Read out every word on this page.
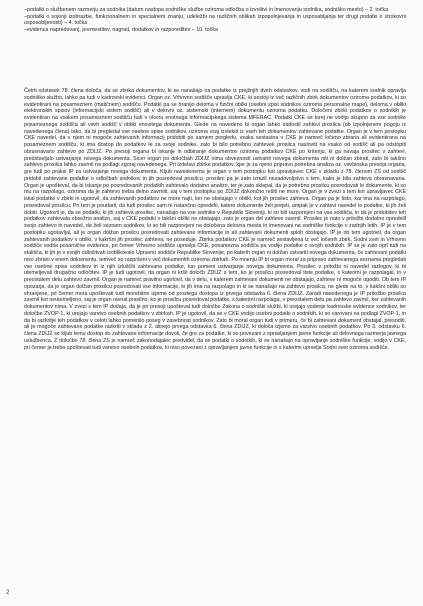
–podatki o službenem razmerju za sodnika (datum nastopa sodniške službe oziroma odločba o izvolitvi in imenovanju sodnika, sodniško mesto) – 2. točka

–podatki o sojenji izobrazbe, funkcionalnem in specialnem znanju, udeležbi na različnih oblikah izpopolnjevanja in usposabljanja ter drugi podatki o strokovni usposobljenosti) – 4. točka

–evidenca napredovanj, premestitev, nagrad, dodatkov in razporeditev – 10. točka

Četrti odstavek 78. člena določa, da se zbirka dokumentov, ki se nanašajo na podatke iz prejšnjih dveh odstavkov, vodi na sodišču, na katerem sodnik opravlja sodniško službo, lahko pa tudi v kadrovski evidenci. Organ oz. Vrhovno sodišče upravlja CKE, ki sestoji iz več različnih zbirk dokumentov oziroma podatkov, ki so evidentirani na posameznem (matičnem) sodišču. Podatki pa se hranijo deloma v fizični obliki (osebni spisi sodnikov oziroma personalne mape), deloma v obliki elektronskih spisov (informacijski sistem sodišč) ali v delovni oz. sistemski (internem) dokumentu oziroma podatku. Določeni zbirki podatkov o sodnikih je evidentiran na vsakem posameznem sodišču tudi v okviru enotnega informacijskega sistema MFERAC. Podatki CKE se torej ne vodijo skupno za vse sodnike posameznega sodišča ali vseh sodišč v obliki enovitega dokumenta. Glede na navedeno bi organ lahko zadostil zahtevi prosilca (ob izpolnjenem pogoju iz navedenega člena) tako, da bi pregledal vse osebne spise sodnikov, oziroma vsaj izvlekel iz vseh teh dokumentov zahtevane podatke. Organ je v tem postopku CKE navedel, da v njem ni mogoče zahtevanih informacij pridobiti po samem pregledu, vsaka sestavina v CKE je namreč ločeno zbrana ali evidentirana na posameznem sodišču, ki ima dostop do podatkov le za svoje sodnike, zato bi bilo potrebno zahtevek prosilca nasloviti na vsako od sodišč ali pa odstopiti obravnavano zahtevo po ZDIJZ. Po presoji organa bi iskanje in odbiranje dokumentov oziroma podatkov CKE po kriteriju, ki ga navaja prosilec v zahtevi, predstavljalo ustvarjanje novega dokumenta. Sicer organ po določbah ZDIJZ nima obveznosti ustvariti novega dokumenta niti ni dolžan zbirati, zato bi takšno zahtevo prosilca lahko zavrnil na podlagi zgoraj navedenega. Pri izdelavi zbirke podatkov, kjer je za njeno pripravo potrebna analiza oz. vsebinska presoja organa, gre tudi po praksi IP za ustvarjanje novega dokumenta. Kljub navedenemu je organ v tem postopku kot upravljavec CKE v skladu z 78. členom ZS od sodišč pridobil zahtevane podatke o odločbah sodnikov in jih posredoval prosilcu, prosilec pa je zato izrazil nezadovoljstvo s tem, kako je bila zahteva obravnavana. Organ je upošteval, da bi iskanje po posredovanih podatkih zahtevalo dodatno analizo, ter je zato sklepal, da je potrebno prosilcu posredovati le dokumente, ki so mu na razpolago, oziroma da je zahtevo treba delno zavrniti, saj v tem postopku po ZDIJZ dokončno rešiti ne more. Organ je v zvezi s tem kot upravljavec CKE iskal podatke v zbirki in ugotovil, da zahtevanih podatkov ne more najti, ker ne obstajajo v obliki, kot jih prosilec zahteva. Organ pa je tisto, kar ima na razpolago, posredoval prosilcu. Pri tem je poudaril, da tudi prosilec sam ni natančno opredelil, katere dokumente želi prejeti, ampak je v zahtevi navedel le podatke, ki jih želi dobiti. Ugotovil je, da se podatki, ki jih zahteva prosilec, nanašajo na vse sodnike v Republiki Sloveniji, ki so bili razporejeni na vsa sodišča, in da je pridobitev teh podatkov zahtevala obsežno analizo, saj v CKE podatki v takšni obliki ne obstajajo, zato je organ del zahteve zavrnil. Prosilec je nato v pritožbi dodatno opredelil svojo zahtevo in navedel, da želi seznam sodnikov, ki so bili razporejeni na določena delovna mesta in imenovani na sodniške funkcije v zadnjih letih. IP je v tem postopku ugotavljal, ali je organ dolžan prosilcu posredovati zahtevane informacije in ali zahtevani dokumenti sploh obstajajo. IP je ob tem ugotovil, da organ zahtevanih podatkov v obliki, v kakršni jih prosilec zahteva, ne poseduje. Zbirka podatkov CKE je namreč sestavljena iz več ločenih zbirk. Sodni svet in Vrhovno sodišče vodita posamične evidence, pri čemer Vrhovno sodišče upravlja CKE, posamezna sodišča pa vodijo podatke o svojih sodnikih. IP se je zato oprl tudi na stališča, ki jih je v svojih odločitvah izoblikovalo Upravno sodišče Republike Slovenije, po katerih organ ni dolžan ustvariti novega dokumenta, če zahtevani podatki niso zbrani v enem dokumentu, temveč so razpršeni v več dokumentih oziroma zbirkah. Po mnenju IP bi organ moral za pripravo zahtevanega seznama pregledati vse osebne spise sodnikov in iz njih izluščiti zahtevane podatke, kar pomeni ustvarjanje novega dokumenta. Prosilec v pritožbi ni navedel razlogov, ki bi utemeljevali drugačno odločitev. IP je tudi ugotovil, da organ ni kršil določb ZDIJZ s tem, ko je prosilcu posredoval tiste podatke, s katerimi je razpolagal, in v preostalem delu zahtevo zavrnil. Organ je namreč pravilno ugotovil, da v delu, v katerem zahtevani dokumenti ne obstajajo, zahteve ni mogoče ugoditi. Ob tem IP opozarja, da je organ dolžan prosilcu posredovati vse informacije, ki jih ima na razpolago in ki se nanašajo na zahtevo prosilca, ne glede na to, v kakšni obliki so shranjene, pri čemer mora upoštevati tudi morebitne izjeme od prostega dostopa iz prvega odstavka 6. člena ZDIJZ. Zaradi navedenega je IP pritožbo prosilca zavrnil kot neutemeljeno, saj je organ ravnal pravilno, ko je prosilcu posredoval podatke, s katerimi razpolaga, v preostalem delu pa zahtevo zavrnil, ker zahtevanih dokumentov nima. V zvezi s tem IP dodaja, da je pri presoji upošteval tudi določbe Zakona o sodniški službi, ki urejajo vodenje kadrovske evidence sodnikov, ter določbe ZVOP-1, ki urejajo varstvo osebnih podatkov v zbirkah. IP je ugotovil, da se v CKE vodijo osebni podatki o sodnikih, ki so varovani na podlagi ZVOP-1, in da bi razkritje teh podatkov v celoti lahko pomenilo poseg v zasebnost sodnikov. Zato bi moral organ tudi v primeru, če bi zahtevani dokument obstajal, presoditi, ali je mogoče zahtevane podatke razkriti v skladu z 2. alinejo prvega odstavka 6. člena ZDIJZ, ki določa izjemo za varstvo osebnih podatkov. Po 3. odstavku 6. člena ZDIJZ se kljub temu dostop do zahtevane informacije dovoli, če gre za podatke, ki so povezani z opravljanjem javne funkcije ali delovnega razmerja javnega uslužbenca. Z določbo 78. člena ZS je namreč zakonodajalec predvidel, da se podatki o sodnikih, ki se nanašajo na opravljanje sodniške funkcije, vodijo v CKE, pri čemer je treba upoštevati tudi varstvo osebnih podatkov, ki niso povezani z opravljanjem javne funkcije in s katerimi upravlja Sodni svet oziroma sodišče.

2
